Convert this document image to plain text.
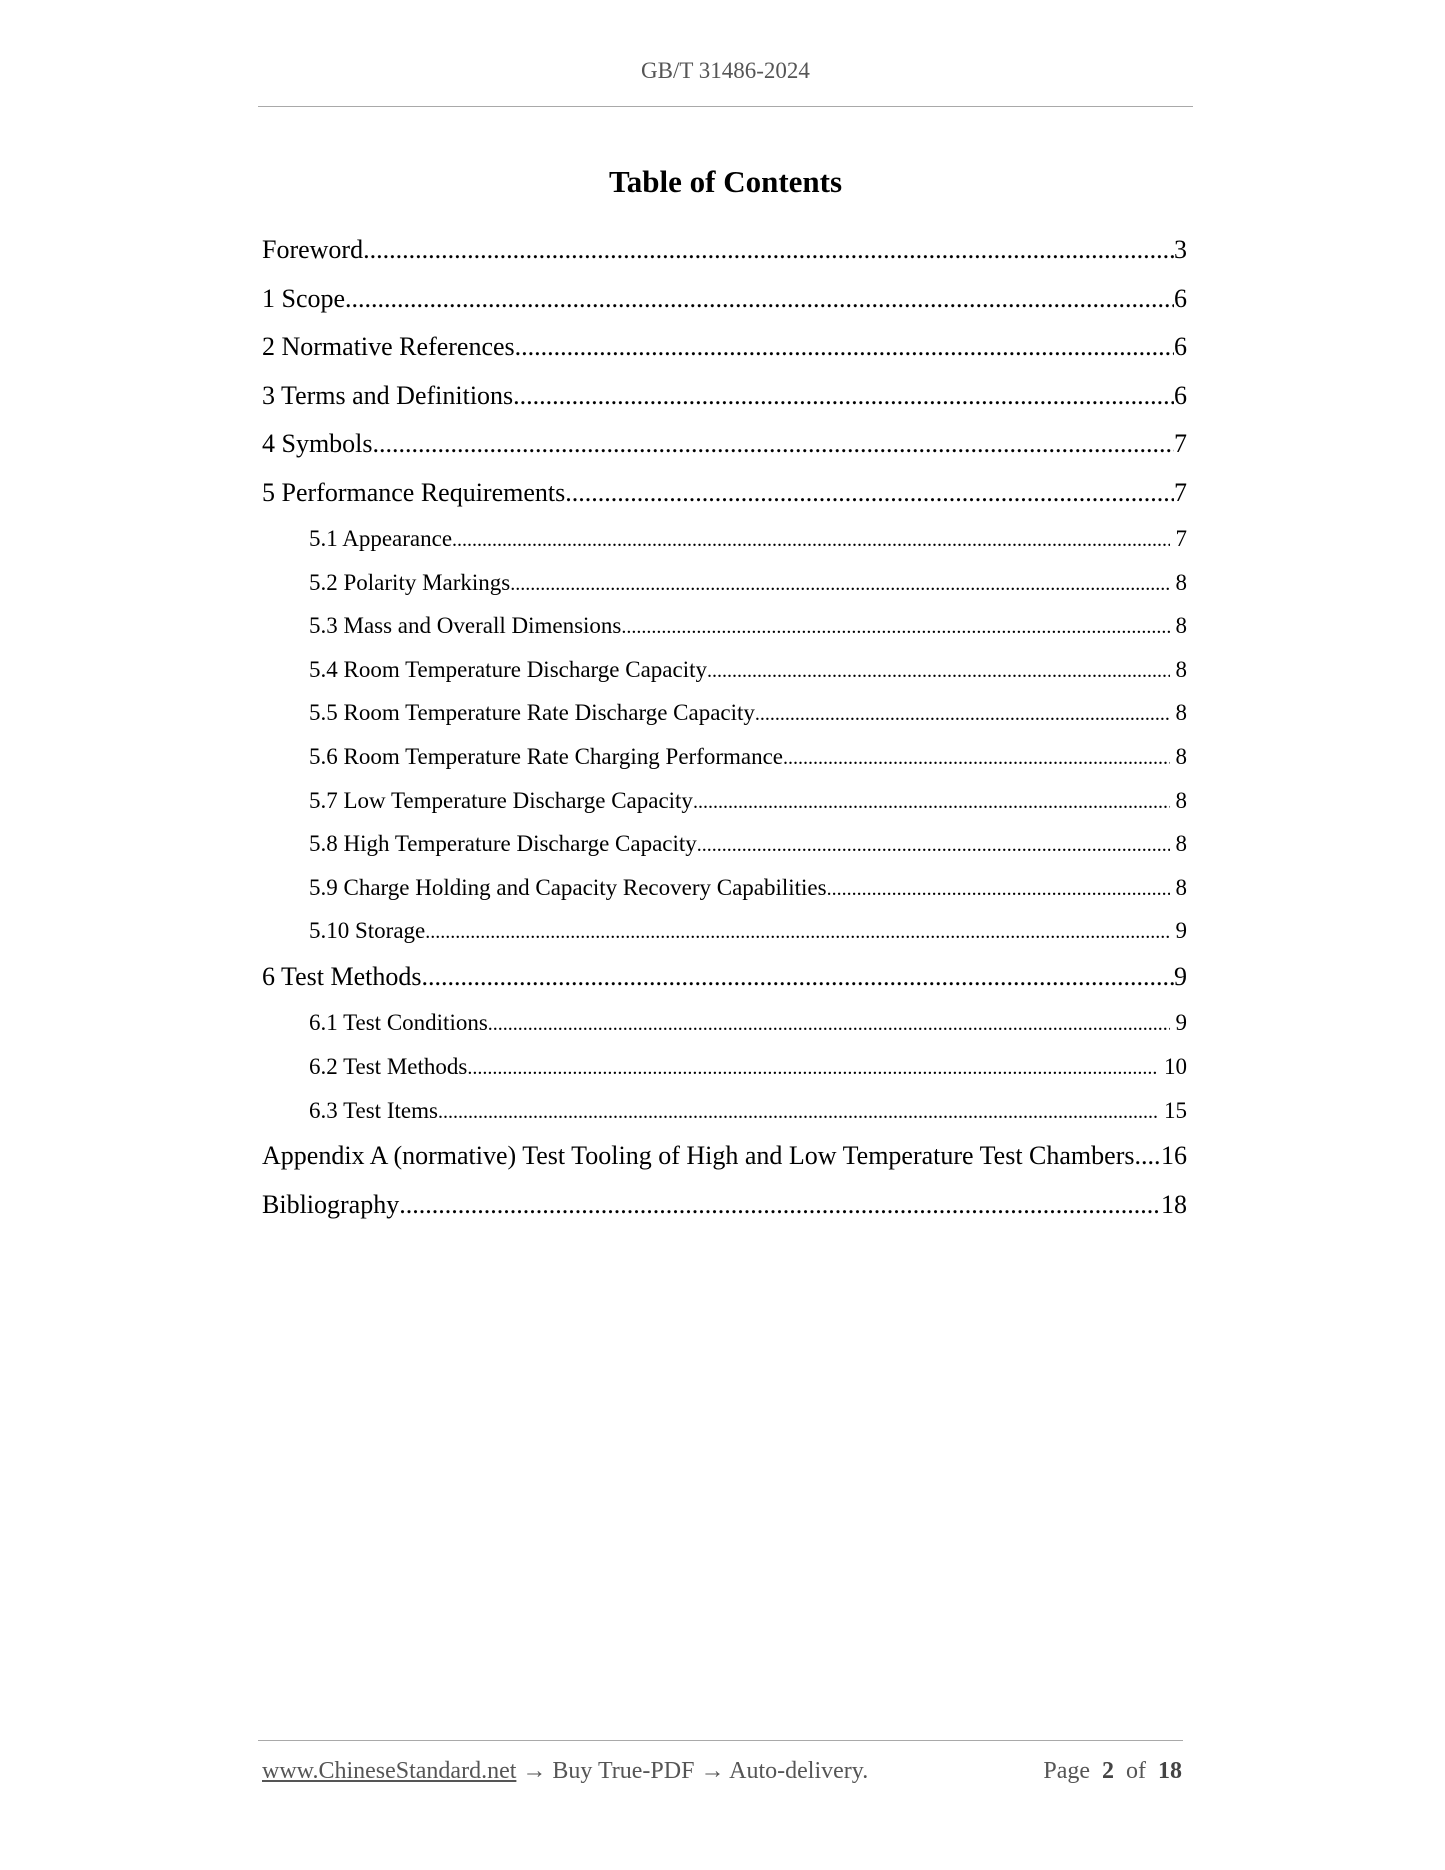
GB/T 31486-2024
Table of Contents
Foreword .....	3
1 Scope .....	6
2 Normative References .....	6
3 Terms and Definitions .....	6
4 Symbols .....	7
5 Performance Requirements .....	7
5.1 Appearance .....	7
5.2 Polarity Markings .....	8
5.3 Mass and Overall Dimensions .....	8
5.4 Room Temperature Discharge Capacity .....	8
5.5 Room Temperature Rate Discharge Capacity .....	8
5.6 Room Temperature Rate Charging Performance .....	8
5.7 Low Temperature Discharge Capacity .....	8
5.8 High Temperature Discharge Capacity .....	8
5.9 Charge Holding and Capacity Recovery Capabilities .....	8
5.10 Storage .....	9
6 Test Methods .....	9
6.1 Test Conditions .....	9
6.2 Test Methods .....	10
6.3 Test Items .....	15
Appendix A (normative) Test Tooling of High and Low Temperature Test Chambers ..... 16
Bibliography .....	18
www.ChineseStandard.net → Buy True-PDF → Auto-delivery.	Page 2 of 18
